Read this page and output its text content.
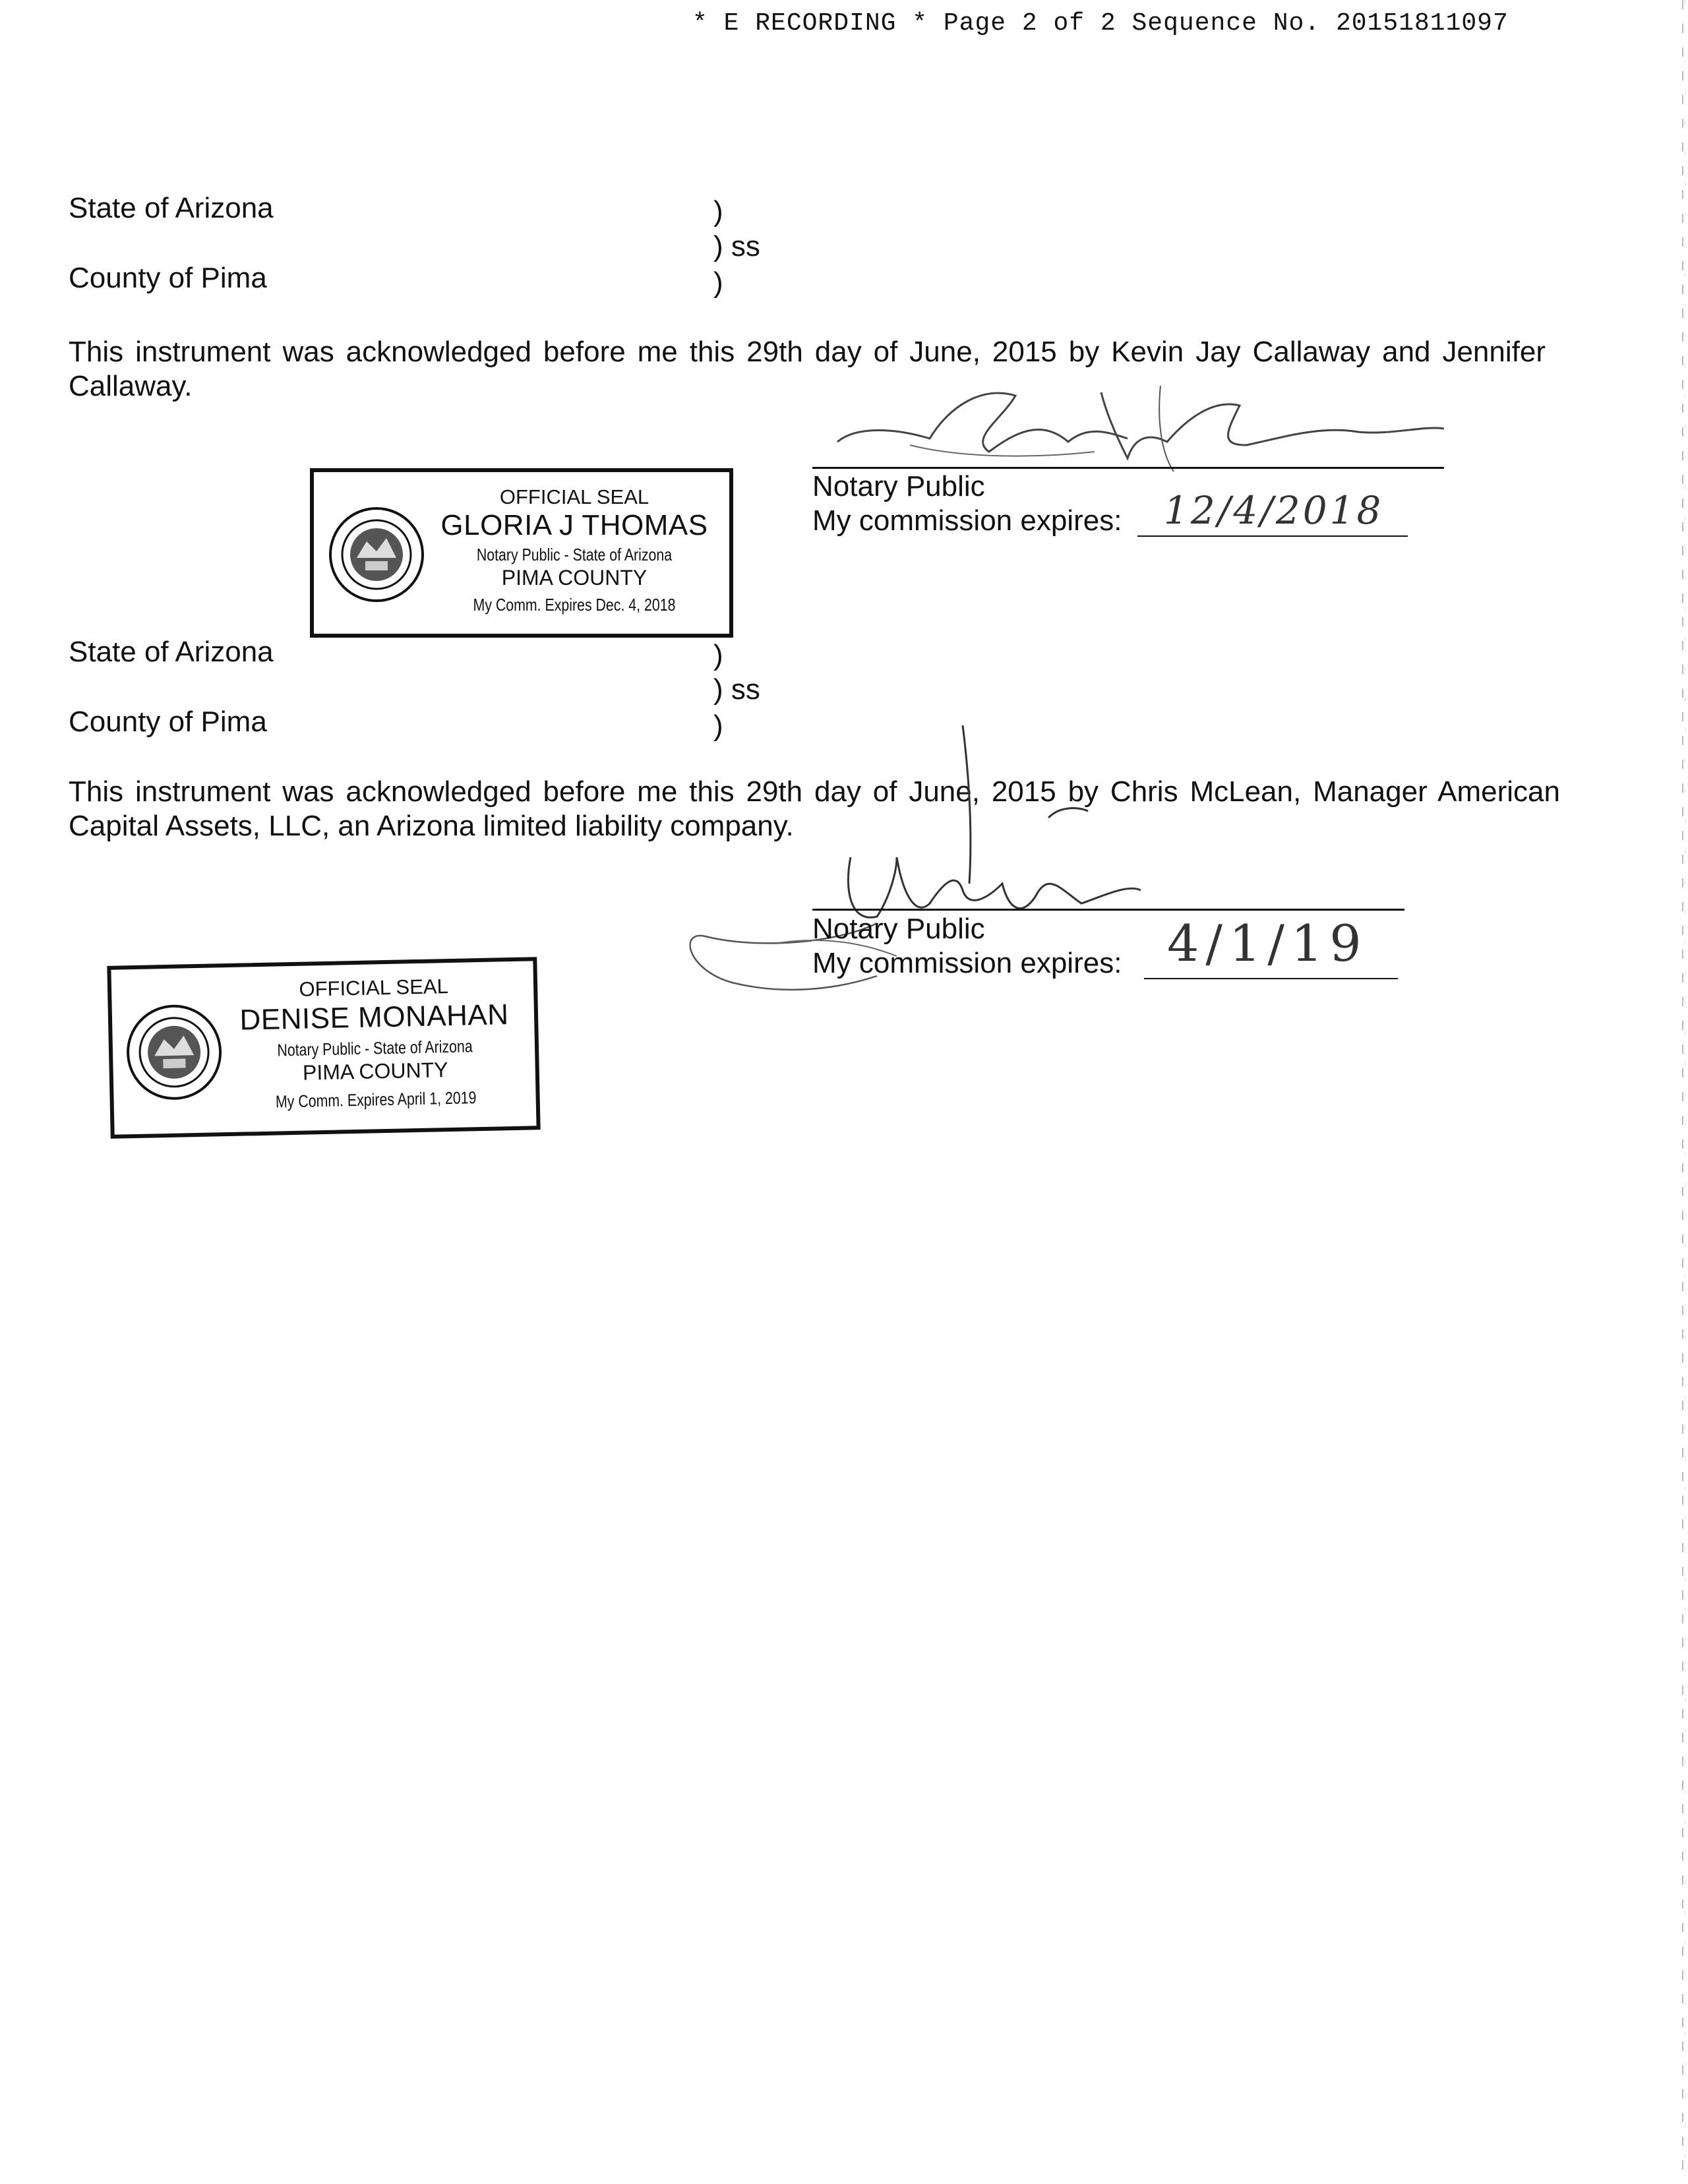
* E RECORDING * Page 2 of 2 Sequence No. 20151811097
State of Arizona	)
) ss
County of Pima	)
This instrument was acknowledged before me this 29th day of June, 2015 by Kevin Jay Callaway and Jennifer Callaway.
Notary Public
My commission expires: 12/4/2018
OFFICIAL SEAL
GLORIA J THOMAS
Notary Public - State of Arizona
PIMA COUNTY
My Comm. Expires Dec. 4, 2018
State of Arizona	)
) ss
County of Pima	)
This instrument was acknowledged before me this 29th day of June, 2015 by Chris McLean, Manager American Capital Assets, LLC, an Arizona limited liability company.
Notary Public
My commission expires: 4/1/19
OFFICIAL SEAL
DENISE MONAHAN
Notary Public - State of Arizona
PIMA COUNTY
My Comm. Expires April 1, 2019
